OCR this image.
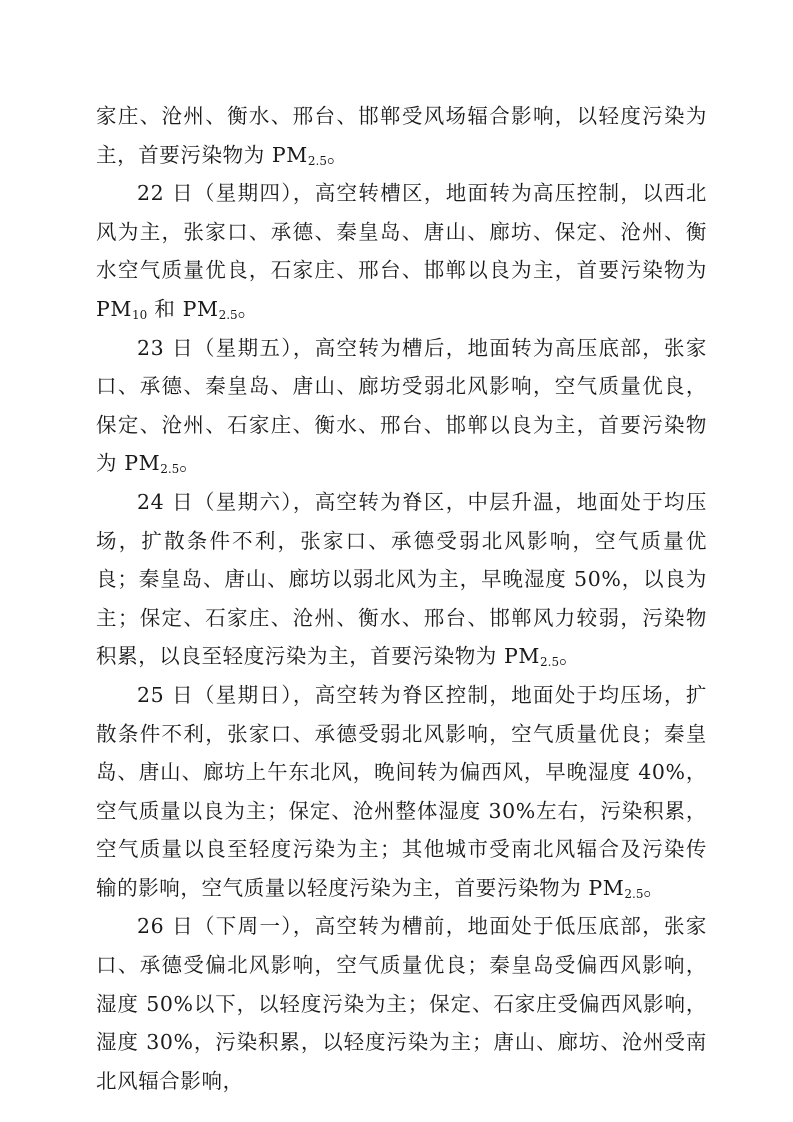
家庄、沧州、衡水、邢台、邯郸受风场辐合影响，以轻度污染为主，首要污染物为 $PM_{2.5}$。

22 日（星期四），高空转槽区，地面转为高压控制，以西北风为主，张家口、承德、秦皇岛、唐山、廊坊、保定、沧州、衡水空气质量优良，石家庄、邢台、邯郸以良为主，首要污染物为 $PM_{10}$ 和 $PM_{2.5}$。

23 日（星期五），高空转为槽后，地面转为高压底部，张家口、承德、秦皇岛、唐山、廊坊受弱北风影响，空气质量优良，保定、沧州、石家庄、衡水、邢台、邯郸以良为主，首要污染物为 $PM_{2.5}$。

24 日（星期六），高空转为脊区，中层升温，地面处于均压场，扩散条件不利，张家口、承德受弱北风影响，空气质量优良；秦皇岛、唐山、廊坊以弱北风为主，早晚湿度 50%，以良为主；保定、石家庄、沧州、衡水、邢台、邯郸风力较弱，污染物积累，以良至轻度污染为主，首要污染物为 $PM_{2.5}$。

25 日（星期日），高空转为脊区控制，地面处于均压场，扩散条件不利，张家口、承德受弱北风影响，空气质量优良；秦皇岛、唐山、廊坊上午东北风，晚间转为偏西风，早晚湿度 40%，空气质量以良为主；保定、沧州整体湿度 30%左右，污染积累，空气质量以良至轻度污染为主；其他城市受南北风辐合及污染传输的影响，空气质量以轻度污染为主，首要污染物为 $PM_{2.5}$。

26 日（下周一），高空转为槽前，地面处于低压底部，张家口、承德受偏北风影响，空气质量优良；秦皇岛受偏西风影响，湿度 50%以下，以轻度污染为主；保定、石家庄受偏西风影响，湿度 30%，污染积累，以轻度污染为主；唐山、廊坊、沧州受南北风辐合影响，
